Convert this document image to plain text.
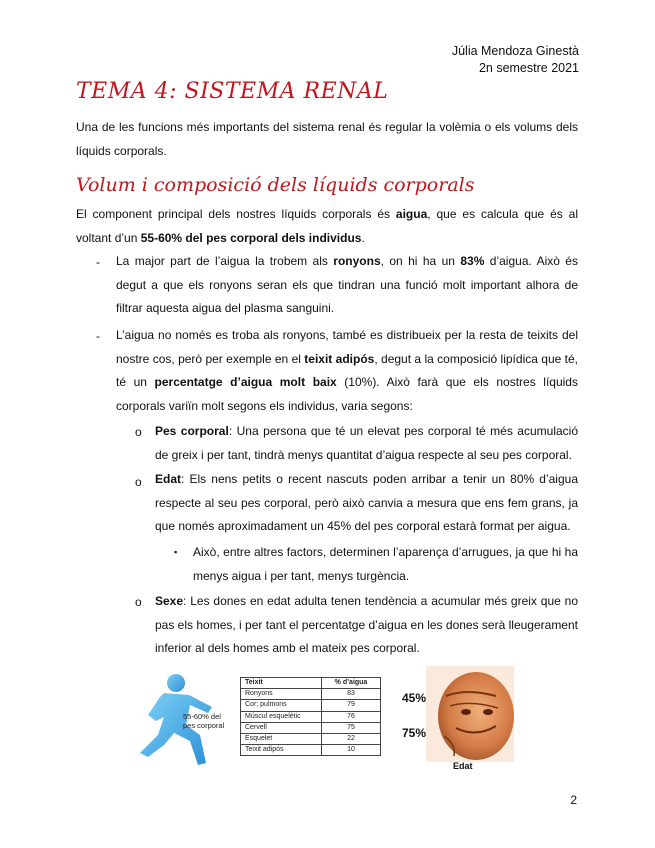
Júlia Mendoza Ginestà
2n semestre 2021
TEMA 4: SISTEMA RENAL
Una de les funcions més importants del sistema renal és regular la volèmia o els volums dels líquids corporals.
Volum i composició dels líquids corporals
El component principal dels nostres líquids corporals és aigua, que es calcula que és al voltant d’un 55-60% del pes corporal dels individus.
- La major part de l’aigua la trobem als ronyons, on hi ha un 83% d’aigua. Això és degut a que els ronyons seran els que tindran una funció molt important alhora de filtrar aquesta aigua del plasma sanguini.
- L’aigua no només es troba als ronyons, també es distribueix per la resta de teixits del nostre cos, però per exemple en el teixit adipós, degut a la composició lipídica que té, té un percentatge d’aigua molt baix (10%). Això farà que els nostres líquids corporals variïn molt segons els individus, varia segons:
o Pes corporal: Una persona que té un elevat pes corporal té més acumulació de greix i per tant, tindrà menys quantitat d’aigua respecte al seu pes corporal.
o Edat: Els nens petits o recent nascuts poden arribar a tenir un 80% d’aigua respecte al seu pes corporal, però això canvia a mesura que ens fem grans, ja que només aproximadament un 45% del pes corporal estarà format per aigua.
▪ Això, entre altres factors, determinen l’aparença d’arrugues, ja que hi ha menys aigua i per tant, menys turgència.
o Sexe: Les dones en edat adulta tenen tendència a acumular més greix que no pas els homes, i per tant el percentatge d’aigua en les dones serà lleugerament inferior al dels homes amb el mateix pes corporal.
55-60% del
pes corporal
Teixit	% d’aigua
Ronyons	83
Cor; pulmons	79
Múscul esquelètic	76
Cervell	75
Esquelet	22
Teixit adipós	10
45%
75%
Edat
2
